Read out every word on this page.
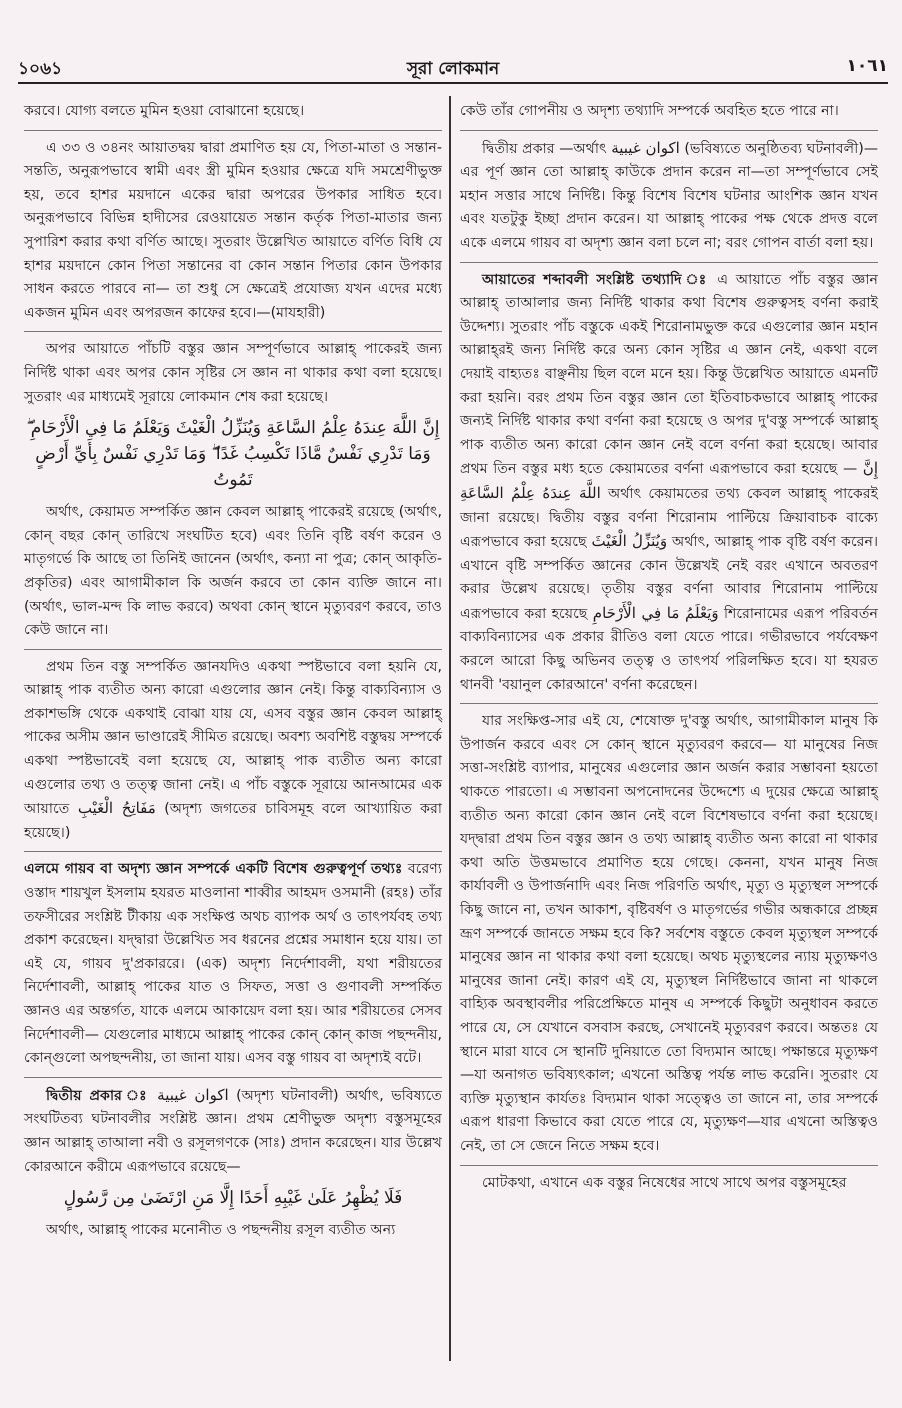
১০৬১	সূরা লোকমান	١٠٦١

করবে। যোগ্য বলতে মুমিন হওয়া বোঝানো হয়েছে।

এ ৩৩ ও ৩৪নং আয়াতদ্বয় দ্বারা প্রমাণিত হয় যে, পিতা-মাতা ও সন্তান-সন্ততি, অনুরূপভাবে স্বামী এবং স্ত্রী মুমিন হওয়ার ক্ষেত্রে যদি সমশ্রেণীভুক্ত হয়, তবে হাশর ময়দানে একের দ্বারা অপরের উপকার সাধিত হবে। অনুরূপভাবে বিভিন্ন হাদীসের রেওয়ায়েত সন্তান কর্তৃক পিতা-মাতার জন্য সুপারিশ করার কথা বর্ণিত আছে। সুতরাং উল্লেখিত আয়াতে বর্ণিত বিধি যে হাশর ময়দানে কোন পিতা সন্তানের বা কোন সন্তান পিতার কোন উপকার সাধন করতে পারবে না— তা শুধু সে ক্ষেত্রেই প্রযোজ্য যখন এদের মধ্যে একজন মুমিন এবং অপরজন কাফের হবে।—(মাযহারী)

অপর আয়াতে পাঁচটি বস্তুর জ্ঞান সম্পূর্ণভাবে আল্লাহ্‌ পাকেরই জন্য নির্দিষ্ট থাকা এবং অপর কোন সৃষ্টির সে জ্ঞান না থাকার কথা বলা হয়েছে। সুতরাং এর মাধ্যমেই সূরায়ে লোকমান শেষ করা হয়েছে।

إِنَّ اللَّهَ عِندَهُ عِلْمُ السَّاعَةِ وَيُنَزِّلُ الْغَيْثَ وَيَعْلَمُ مَا فِي الْأَرْحَامِ ۖ وَمَا تَدْرِي نَفْسٌ مَّاذَا تَكْسِبُ غَدًا ۖ وَمَا تَدْرِي نَفْسٌ بِأَيِّ أَرْضٍ تَمُوتُ

অর্থাৎ, কেয়ামত সম্পর্কিত জ্ঞান কেবল আল্লাহ্‌ পাকেরই রয়েছে (অর্থাৎ, কোন্‌ বছর কোন্‌ তারিখে সংঘটিত হবে) এবং তিনি বৃষ্টি বর্ষণ করেন ও মাতৃগর্ভে কি আছে তা তিনিই জানেন (অর্থাৎ, কন্যা না পুত্র; কোন্‌ আকৃতি-প্রকৃতির) এবং আগামীকাল কি অর্জন করবে তা কোন ব্যক্তি জানে না। (অর্থাৎ, ভাল-মন্দ কি লাভ করবে) অথবা কোন্‌ স্থানে মৃত্যুবরণ করবে, তাও কেউ জানে না।

প্রথম তিন বস্তু সম্পর্কিত জ্ঞানযদিও একথা স্পষ্টভাবে বলা হয়নি যে, আল্লাহ্‌ পাক ব্যতীত অন্য কারো এগুলোর জ্ঞান নেই। কিন্তু বাক্যবিন্যাস ও প্রকাশভঙ্গি থেকে একথাই বোঝা যায় যে, এসব বস্তুর জ্ঞান কেবল আল্লাহ্‌ পাকের অসীম জ্ঞান ভাণ্ডারেই সীমিত রয়েছে। অবশ্য অবশিষ্ট বস্তুদ্বয় সম্পর্কে একথা স্পষ্টভাবেই বলা হয়েছে যে, আল্লাহ্‌ পাক ব্যতীত অন্য কারো এগুলোর তথ্য ও তত্ত্ব জানা নেই। এ পাঁচ বস্তুকে সূরায়ে আনআমের এক আয়াতে مَفَاتِحُ الْغَيْبِ (অদৃশ্য জগতের চাবিসমূহ বলে আখ্যায়িত করা হয়েছে।)

এলমে গায়ব বা অদৃশ্য জ্ঞান সম্পর্কে একটি বিশেষ গুরুত্বপূর্ণ তথ্যঃ বরেণ্য ওস্তাদ শায়খুল ইসলাম হযরত মাওলানা শাব্বীর আহমদ ওসমানী (রহঃ) তাঁর তফসীরের সংশ্লিষ্ট টীকায় এক সংক্ষিপ্ত অথচ ব্যাপক অর্থ ও তাৎপর্যবহ তথ্য প্রকাশ করেছেন। যদ্দ্বারা উল্লেখিত সব ধরনের প্রশ্নের সমাধান হয়ে যায়। তা এই যে, গায়ব দু'প্রকাররে। (এক) অদৃশ্য নির্দেশাবলী, যথা শরীয়তের নির্দেশাবলী, আল্লাহ্‌ পাকের যাত ও সিফত, সত্তা ও গুণাবলী সম্পর্কিত জ্ঞানও এর অন্তর্গত, যাকে এলমে আকায়েদ বলা হয়। আর শরীয়তের সেসব নির্দেশাবলী— যেগুলোর মাধ্যমে আল্লাহ্‌ পাকের কোন্‌ কোন্‌ কাজ পছন্দনীয়, কোন্‌গুলো অপছন্দনীয়, তা জানা যায়। এসব বস্তু গায়ব বা অদৃশ্যই বটে।

দ্বিতীয় প্রকার ঃ اكوان غيبية (অদৃশ্য ঘটনাবলী) অর্থাৎ, ভবিষ্যতে সংঘটিতব্য ঘটনাবলীর সংশ্লিষ্ট জ্ঞান। প্রথম শ্রেণীভুক্ত অদৃশ্য বস্তুসমূহের জ্ঞান আল্লাহ্‌ তাআলা নবী ও রসূলগণকে (সাঃ) প্রদান করেছেন। যার উল্লেখ কোরআনে করীমে এরূপভাবে রয়েছে—

فَلَا يُظْهِرُ عَلَىٰ غَيْبِهِ أَحَدًا إِلَّا مَنِ ارْتَضَىٰ مِن رَّسُولٍ

অর্থাৎ, আল্লাহ্‌ পাকের মনোনীত ও পছন্দনীয় রসূল ব্যতীত অন্য

কেউ তাঁর গোপনীয় ও অদৃশ্য তথ্যাদি সম্পর্কে অবহিত হতে পারে না।

দ্বিতীয় প্রকার —অর্থাৎ اكوان غيبية (ভবিষ্যতে অনুষ্ঠিতব্য ঘটনাবলী)—এর পূর্ণ জ্ঞান তো আল্লাহ্‌ কাউকে প্রদান করেন না—তা সম্পূর্ণভাবে সেই মহান সত্তার সাথে নির্দিষ্ট। কিন্তু বিশেষ বিশেষ ঘটনার আংশিক জ্ঞান যখন এবং যতটুকু ইচ্ছা প্রদান করেন। যা আল্লাহ্‌ পাকের পক্ষ থেকে প্রদত্ত বলে একে এলমে গায়ব বা অদৃশ্য জ্ঞান বলা চলে না; বরং গোপন বার্তা বলা হয়।

আয়াতের শব্দাবলী সংশ্লিষ্ট তথ্যাদি ঃ এ আয়াতে পাঁচ বস্তুর জ্ঞান আল্লাহ্‌ তাআলার জন্য নির্দিষ্ট থাকার কথা বিশেষ গুরুত্বসহ বর্ণনা করাই উদ্দেশ্য। সুতরাং পাঁচ বস্তুকে একই শিরোনামভুক্ত করে এগুলোর জ্ঞান মহান আল্লাহ্‌রই জন্য নির্দিষ্ট করে অন্য কোন সৃষ্টির এ জ্ঞান নেই, একথা বলে দেয়াই বাহ্যতঃ বাঞ্ছনীয় ছিল বলে মনে হয়। কিন্তু উল্লেখিত আয়াতে এমনটি করা হয়নি। বরং প্রথম তিন বস্তুর জ্ঞান তো ইতিবাচকভাবে আল্লাহ্‌ পাকের জন্যই নির্দিষ্ট থাকার কথা বর্ণনা করা হয়েছে ও অপর দু'বস্তু সম্পর্কে আল্লাহ্‌ পাক ব্যতীত অন্য কারো কোন জ্ঞান নেই বলে বর্ণনা করা হয়েছে। আবার প্রথম তিন বস্তুর মধ্য হতে কেয়ামতের বর্ণনা এরূপভাবে করা হয়েছে — إِنَّ اللَّهَ عِندَهُ عِلْمُ السَّاعَةِ অর্থাৎ কেয়ামতের তথ্য কেবল আল্লাহ্‌ পাকেরই জানা রয়েছে। দ্বিতীয় বস্তুর বর্ণনা শিরোনাম পাল্টিয়ে ক্রিয়াবাচক বাক্যে এরূপভাবে করা হয়েছে وَيُنَزِّلُ الْغَيْثَ অর্থাৎ, আল্লাহ্‌ পাক বৃষ্টি বর্ষণ করেন। এখানে বৃষ্টি সম্পর্কিত জ্ঞানের কোন উল্লেখই নেই বরং এখানে অবতরণ করার উল্লেখ রয়েছে। তৃতীয় বস্তুর বর্ণনা আবার শিরোনাম পাল্টিয়ে এরূপভাবে করা হয়েছে وَيَعْلَمُ مَا فِي الْأَرْحَامِ শিরোনামের এরূপ পরিবর্তন বাক্যবিন্যাসের এক প্রকার রীতিও বলা যেতে পারে। গভীরভাবে পর্যবেক্ষণ করলে আরো কিছু অভিনব তত্ত্ব ও তাৎপর্য পরিলক্ষিত হবে। যা হযরত থানবী 'বয়ানুল কোরআনে' বর্ণনা করেছেন।

যার সংক্ষিপ্ত-সার এই যে, শেষোক্ত দু'বস্তু অর্থাৎ, আগামীকাল মানুষ কি উপার্জন করবে এবং সে কোন্‌ স্থানে মৃত্যুবরণ করবে— যা মানুষের নিজ সত্তা-সংশ্লিষ্ট ব্যাপার, মানুষের এগুলোর জ্ঞান অর্জন করার সম্ভাবনা হয়তো থাকতে পারতো। এ সম্ভাবনা অপনোদনের উদ্দেশ্যে এ দুয়ের ক্ষেত্রে আল্লাহ্‌ ব্যতীত অন্য কারো কোন জ্ঞান নেই বলে বিশেষভাবে বর্ণনা করা হয়েছে। যদ্দ্বারা প্রথম তিন বস্তুর জ্ঞান ও তথ্য আল্লাহ্‌ ব্যতীত অন্য কারো না থাকার কথা অতি উত্তমভাবে প্রমাণিত হয়ে গেছে। কেননা, যখন মানুষ নিজ কার্যাবলী ও উপার্জনাদি এবং নিজ পরিণতি অর্থাৎ, মৃত্যু ও মৃত্যুস্থল সম্পর্কে কিছু জানে না, তখন আকাশ, বৃষ্টিবর্ষণ ও মাতৃগর্ভের গভীর অন্ধকারে প্রচ্ছন্ন ভ্রূণ সম্পর্কে জানতে সক্ষম হবে কি? সর্বশেষ বস্তুতে কেবল মৃত্যুস্থল সম্পর্কে মানুষের জ্ঞান না থাকার কথা বলা হয়েছে। অথচ মৃত্যুস্থলের ন্যায় মৃত্যুক্ষণও মানুষের জানা নেই। কারণ এই যে, মৃত্যুস্থল নির্দিষ্টভাবে জানা না থাকলে বাহ্যিক অবস্থাবলীর পরিপ্রেক্ষিতে মানুষ এ সম্পর্কে কিছুটা অনুধাবন করতে পারে যে, সে যেখানে বসবাস করছে, সেখানেই মৃত্যুবরণ করবে। অন্ততঃ যে স্থানে মারা যাবে সে স্থানটি দুনিয়াতে তো বিদ্যমান আছে। পক্ষান্তরে মৃত্যুক্ষণ—যা অনাগত ভবিষ্যৎকাল; এখনো অস্তিত্ব পর্যন্ত লাভ করেনি। সুতরাং যে ব্যক্তি মৃত্যুস্থান কার্যতঃ বিদ্যমান থাকা সত্ত্বেও তা জানে না, তার সম্পর্কে এরূপ ধারণা কিভাবে করা যেতে পারে যে, মৃত্যুক্ষণ—যার এখনো অস্তিত্বও নেই, তা সে জেনে নিতে সক্ষম হবে।

মোটকথা, এখানে এক বস্তুর নিষেধের সাথে সাথে অপর বস্তুসমূহের
